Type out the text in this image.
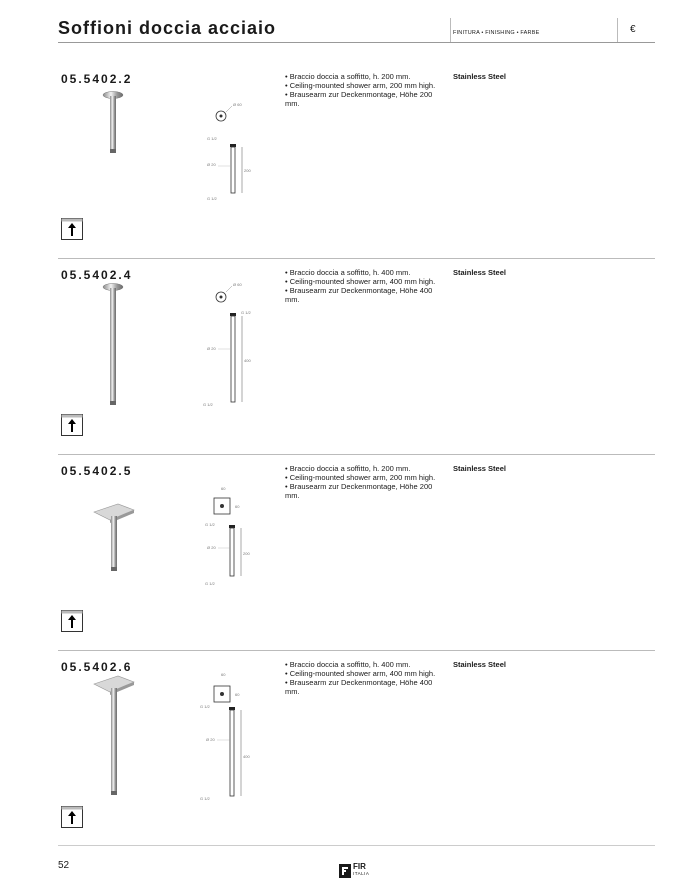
Soffioni doccia acciaio	FINITURA • FINISHING • FARBE	€
05.5402.2
Ø 60
G 1/2
Ø 20
200
G 1/2
• Braccio doccia a soffitto, h. 200 mm.
• Ceiling-mounted shower arm, 200 mm high.
• Brausearm zur Deckenmontage, Höhe 200 mm.
Stainless Steel
05.5402.4
Ø 60
G 1/2
Ø 20
400
G 1/2
• Braccio doccia a soffitto, h. 400 mm.
• Ceiling-mounted shower arm, 400 mm high.
• Brausearm zur Deckenmontage, Höhe 400 mm.
Stainless Steel
05.5402.5
60
60
G 1/2
Ø 20
200
G 1/2
• Braccio doccia a soffitto, h. 200 mm.
• Ceiling-mounted shower arm, 200 mm high.
• Brausearm zur Deckenmontage, Höhe 200 mm.
Stainless Steel
05.5402.6
60
60
G 1/2
Ø 20
400
G 1/2
• Braccio doccia a soffitto, h. 400 mm.
• Ceiling-mounted shower arm, 400 mm high.
• Brausearm zur Deckenmontage, Höhe 400 mm.
Stainless Steel
52	FIR
ITALIA
